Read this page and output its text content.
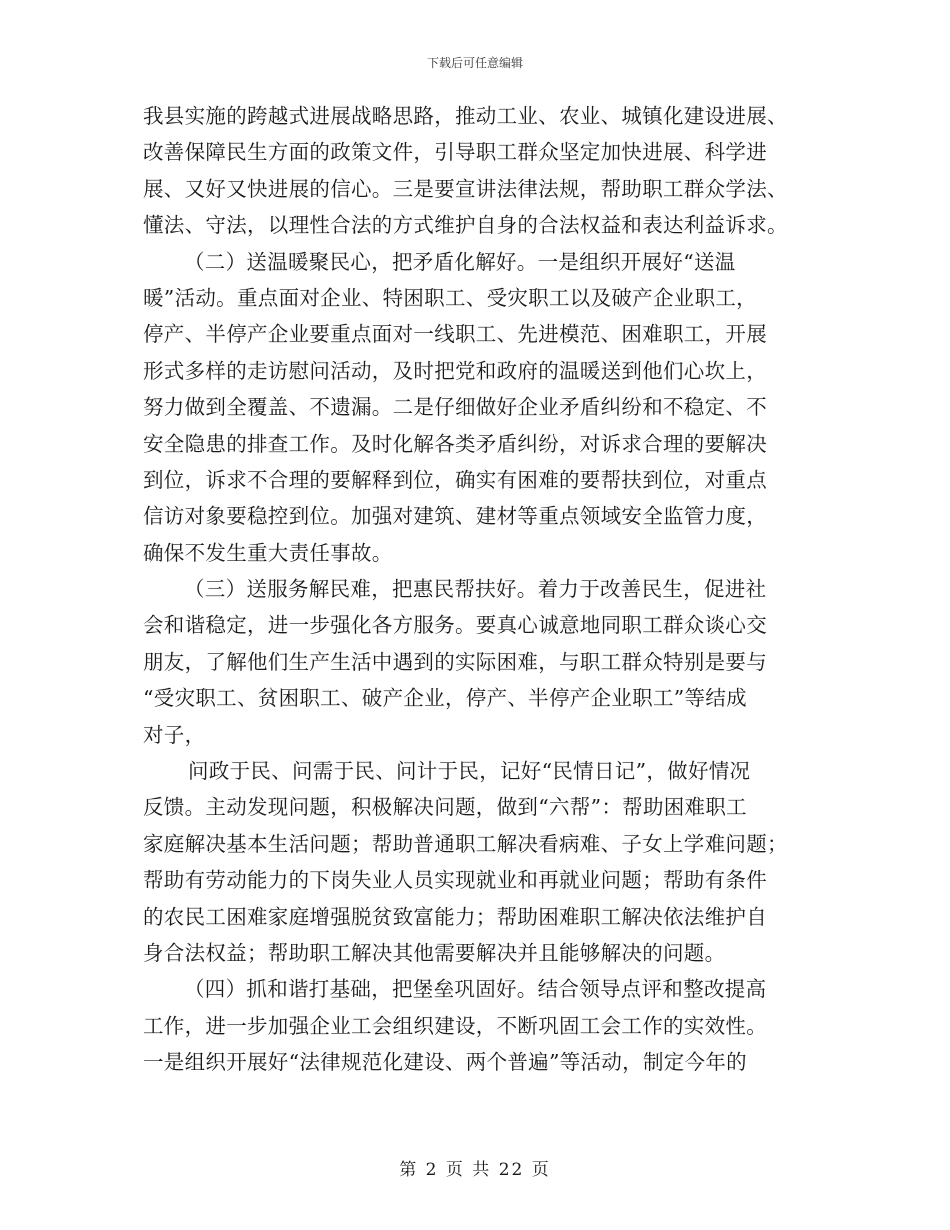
下载后可任意编辑
我县实施的跨越式进展战略思路，推动工业、农业、城镇化建设进展、
改善保障民生方面的政策文件，引导职工群众坚定加快进展、科学进
展、又好又快进展的信心。三是要宣讲法律法规，帮助职工群众学法、
懂法、守法，以理性合法的方式维护自身的合法权益和表达利益诉求。
（二）送温暖聚民心，把矛盾化解好。一是组织开展好“送温
暖”活动。重点面对企业、特困职工、受灾职工以及破产企业职工，
停产、半停产企业要重点面对一线职工、先进模范、困难职工，开展
形式多样的走访慰问活动，及时把党和政府的温暖送到他们心坎上，
努力做到全覆盖、不遗漏。二是仔细做好企业矛盾纠纷和不稳定、不
安全隐患的排查工作。及时化解各类矛盾纠纷，对诉求合理的要解决
到位，诉求不合理的要解释到位，确实有困难的要帮扶到位，对重点
信访对象要稳控到位。加强对建筑、建材等重点领域安全监管力度，
确保不发生重大责任事故。
（三）送服务解民难，把惠民帮扶好。着力于改善民生，促进社
会和谐稳定，进一步强化各方服务。要真心诚意地同职工群众谈心交
朋友，了解他们生产生活中遇到的实际困难，与职工群众特别是要与
“受灾职工、贫困职工、破产企业，停产、半停产企业职工”等结成
对子，
问政于民、问需于民、问计于民，记好“民情日记”，做好情况
反馈。主动发现问题，积极解决问题，做到“六帮”：帮助困难职工
家庭解决基本生活问题；帮助普通职工解决看病难、子女上学难问题；
帮助有劳动能力的下岗失业人员实现就业和再就业问题；帮助有条件
的农民工困难家庭增强脱贫致富能力；帮助困难职工解决依法维护自
身合法权益；帮助职工解决其他需要解决并且能够解决的问题。
（四）抓和谐打基础，把堡垒巩固好。结合领导点评和整改提高
工作，进一步加强企业工会组织建设，不断巩固工会工作的实效性。
一是组织开展好“法律规范化建设、两个普遍”等活动，制定今年的
第 2 页 共 22 页
